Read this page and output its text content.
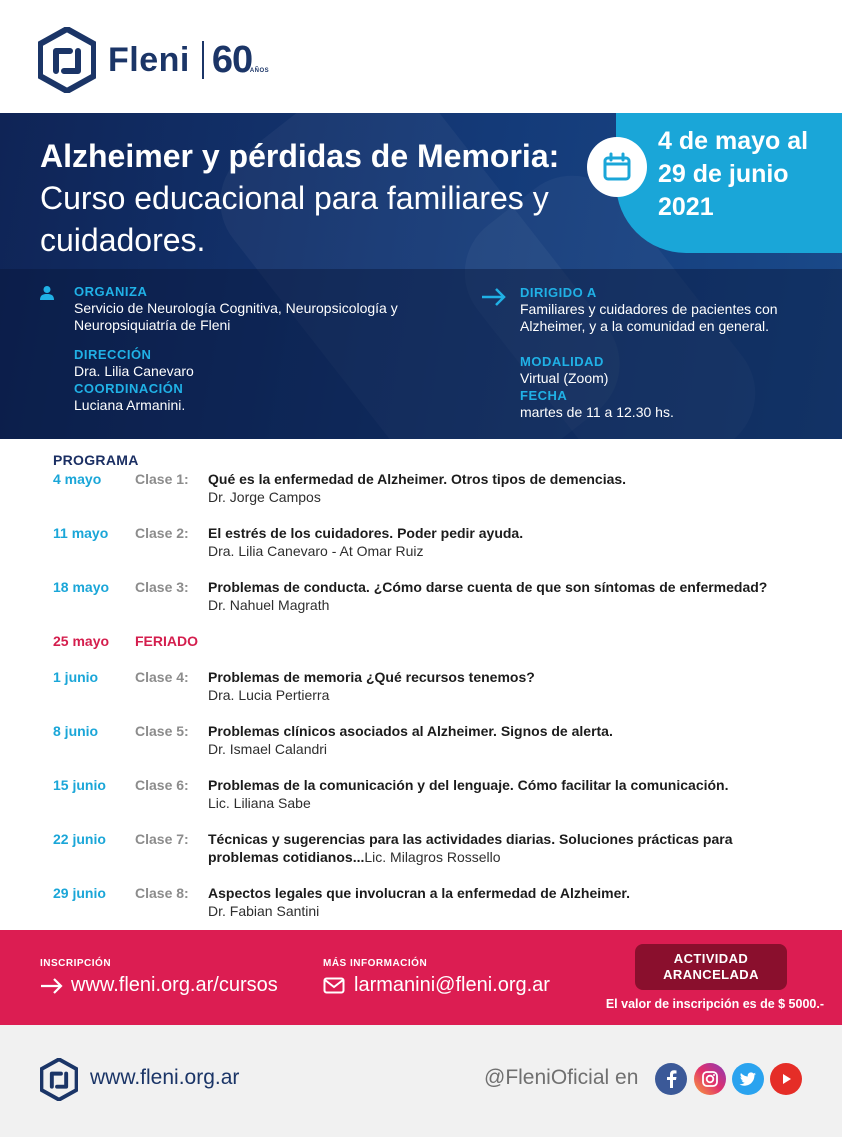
Fleni 60
AÑOS
Alzheimer y pérdidas de Memoria: Curso educacional para familiares y cuidadores.
4 de mayo al
29 de junio
2021
ORGANIZA
Servicio de Neurología Cognitiva, Neuropsicología y Neuropsiquiatría de Fleni
DIRECCIÓN
Dra. Lilia Canevaro
COORDINACIÓN
Luciana Armanini.
DIRIGIDO A
Familiares y cuidadores de pacientes con Alzheimer, y a la comunidad en general.
MODALIDAD
Virtual (Zoom)
FECHA
martes de 11 a 12.30 hs.
PROGRAMA
4 mayo Clase 1: Qué es la enfermedad de Alzheimer. Otros tipos de demencias.
Dr. Jorge Campos
11 mayo Clase 2: El estrés de los cuidadores. Poder pedir ayuda.
Dra. Lilia Canevaro - At Omar Ruiz
18 mayo Clase 3: Problemas de conducta. ¿Cómo darse cuenta de que son síntomas de enfermedad?
Dr. Nahuel Magrath
25 mayo FERIADO
1 junio	Clase 4: Problemas de memoria ¿Qué recursos tenemos?
Dra. Lucia Pertierra
8 junio	Clase 5: Problemas clínicos asociados al Alzheimer. Signos de alerta.
Dr. Ismael Calandri
15 junio Clase 6: Problemas de la comunicación y del lenguaje. Cómo facilitar la comunicación.
Lic. Liliana Sabe
22 junio Clase 7: Técnicas y sugerencias para las actividades diarias. Soluciones prácticas para
problemas cotidianos...Lic. Milagros Rossello
29 junio Clase 8: Aspectos legales que involucran a la enfermedad de Alzheimer.
Dr. Fabian Santini
INSCRIPCIÓN
www.fleni.org.ar/cursos
MÁS INFORMACIÓN
larmanini@fleni.org.ar
ACTIVIDAD
ARANCELADA
El valor de inscripción es de $ 5000.-
www.fleni.org.ar	@FleniOficial en
